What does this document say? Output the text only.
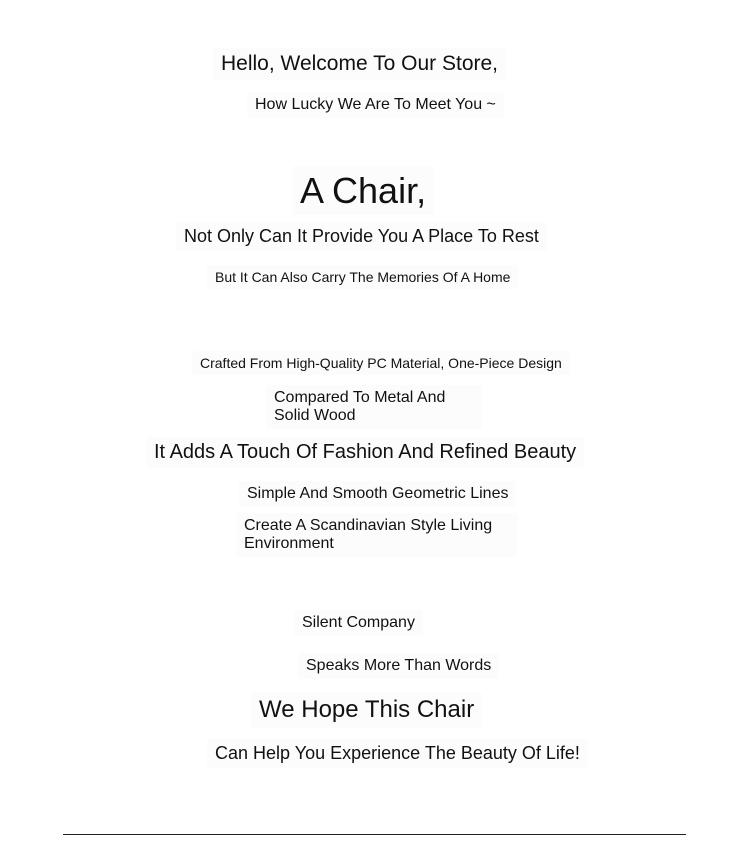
Hello, Welcome To Our Store,
How Lucky We Are To Meet You ~
A Chair,
Not Only Can It Provide You A Place To Rest
But It Can Also Carry The Memories Of A Home
Crafted From High-Quality PC Material, One-Piece Design
Compared To Metal And Solid Wood
It Adds A Touch Of Fashion And Refined Beauty
Simple And Smooth Geometric Lines
Create A Scandinavian Style Living Environment
Silent Company
Speaks More Than Words
We Hope This Chair
Can Help You Experience The Beauty Of Life!
